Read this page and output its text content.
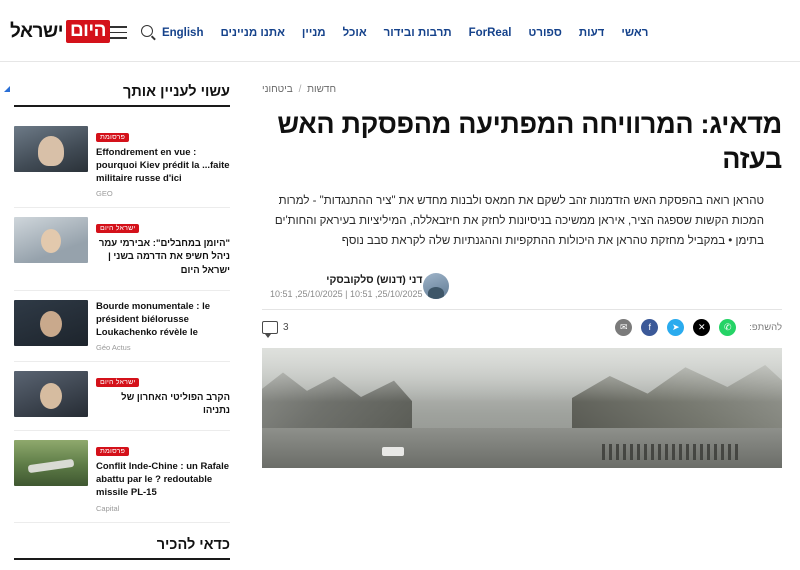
ראשי
דעות
ספורט
ForReal
תרבות ובידור
אוכל
מניין
אתנו מניינים
English
היום
ישראל
חדשות / ביטחוני
מדאיג: המרוויחה המפתיעה מהפסקת האש בעזה

טהראן רואה בהפסקת האש הזדמנות זהב לשקם את חמאס ולבנות מחדש את "ציר ההתנגדות" - למרות המכות הקשות שספגה הציר, איראן ממשיכה בניסיונות לחזק את חיזבאללה, המיליציות בעיראק והחות'ים בתימן • במקביל מחזקת טהראן את היכולות ההתקפיות וההגנתיות שלה לקראת סבב נוסף

דני (דנוש) סלקובסקי
25/10/2025, 10:51 | 25/10/2025, 10:51
להשתפ:
✆
✕
➤
f
✉
3
עשוי לעניין אותך
פרסומת
Effondrement en vue : pourquoi Kiev prédit la ...faite militaire russe d'ici
GEO
ישראל היום
"היומן במחבלים": אבירמי עמר ניהל חשיפ את הדרמה בשני | ישראל היום
Bourde monumentale : le président biélorusse Loukachenko révèle le
Géo Actus
ישראל היום
הקרב הפוליטי האחרון של נתניהו
פרסומת
Conflit Inde-Chine : un Rafale abattu par le ? redoutable missile PL-15
Capital
כדאי להכיר
